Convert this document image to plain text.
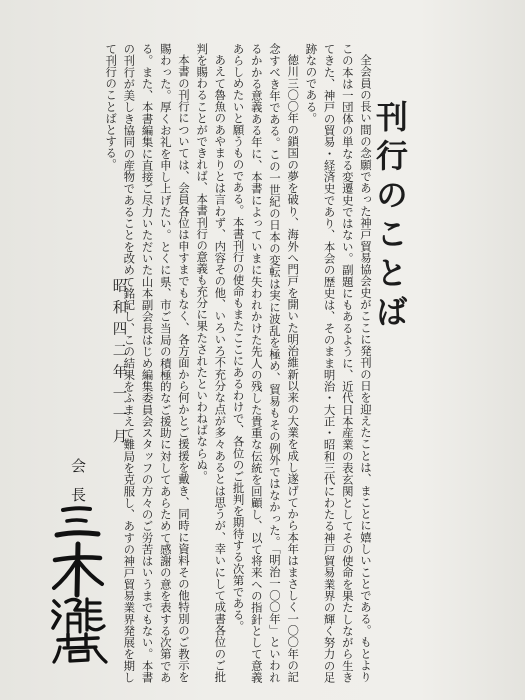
刊行のことば

全会員の長い間の念願であった神戸貿易協会史がここに発刊の日を迎えたことは、まことに嬉しいことである。もとよりこの本は一団体の単なる変遷史ではない。副題にもあるように、近代日本産業の表玄関としてその使命を果たしながら生きてきた、神戸の貿易・経済史であり、本会の歴史は、そのまま明治・大正・昭和三代にわたる神戸貿易業界の輝く努力の足跡なのである。

徳川三〇〇年の鎖国の夢を破り、海外へ門戸を開いた明治維新以来の大業を成し遂げてから本年はまさしく一〇〇年の記念すべき年である。この一世紀の日本の変転は実に波乱を極め、貿易もその例外ではなかった。「明治一〇〇年」といわれるかかる意義ある年に、本書によっていまに失われかけた先人の残した貴重な伝統を回顧し、以て将来への指針として意義あらしめたいと願うものである。本書刊行の使命もまたここにあるわけで、各位のご批判を期待する次第である。

あえて魯魚のあやまりとは言わず、内容その他、いろいろ不充分な点が多々あるとは思うが、幸いにして成書各位のご批判を賜わることができれば、本書刊行の意義も充分に果たされたといわねばならぬ。

本書の刊行については、会員各位は申すまでもなく、各方面から何かとご援援を戴き、同時に資料その他特別のご教示を賜わった。厚くお礼を申し上げたい。とくに県、市ご当局の積極的なご援助に対してあらためて感謝の意を表する次第である。また、本書編集に直接ご尽力いただいた山本副会長はじめ編集委員会スタッフの方々のご労苦はいうまでもない。本書の刊行が美しき協同の産物であることを改めて銘記し、この結果をふまえて難局を克服し、あすの神戸貿易業界発展を期して刊行のことばとする。

昭和四二年一一月
会長
